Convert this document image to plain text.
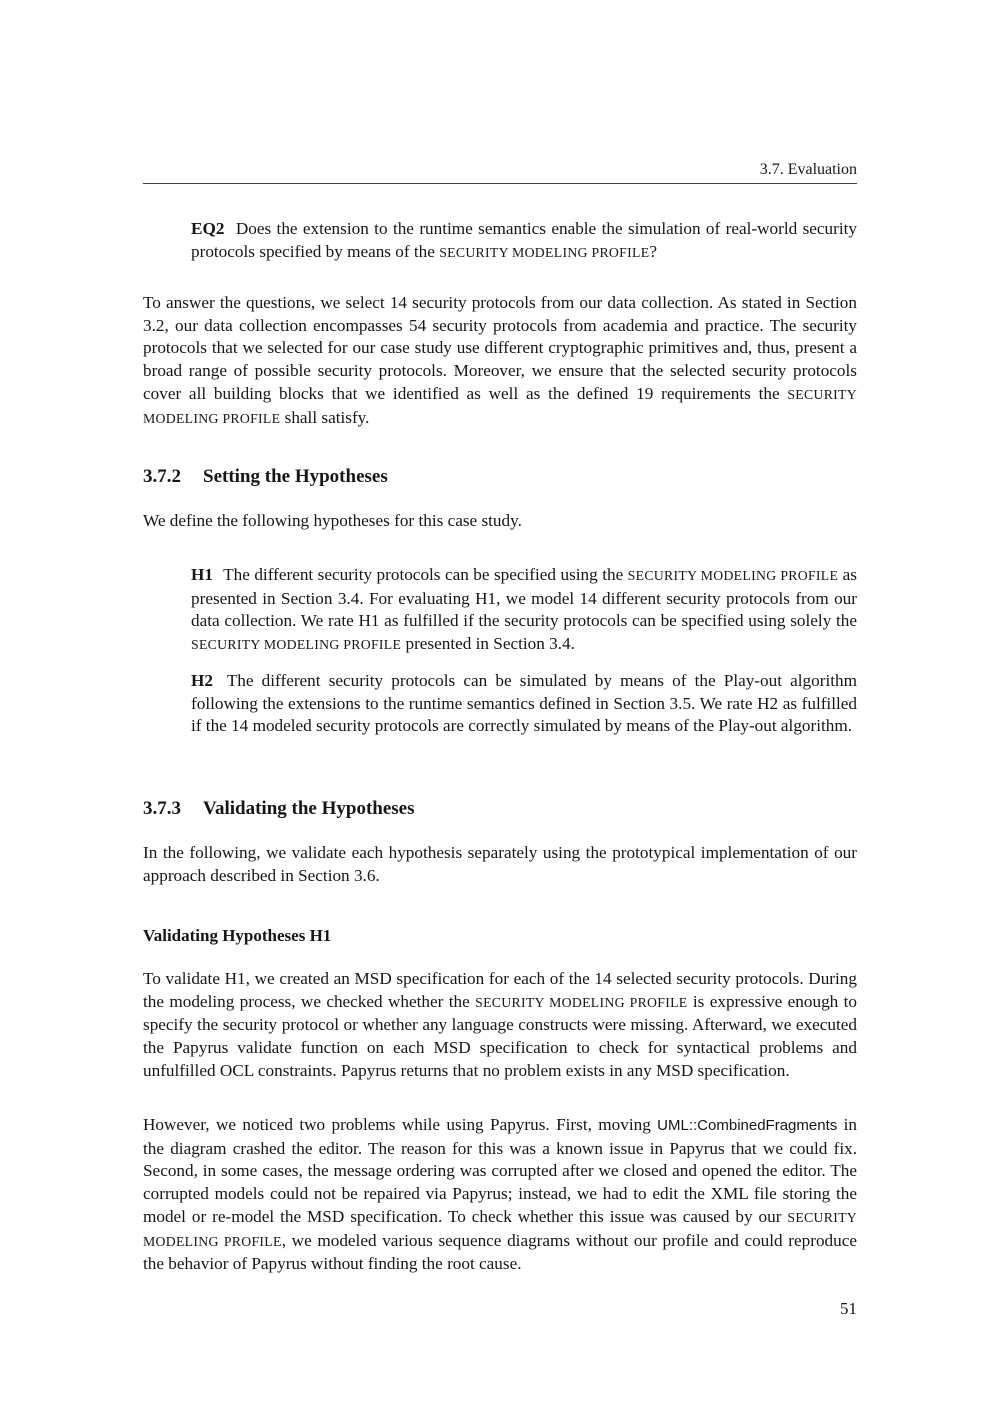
3.7. Evaluation
EQ2 Does the extension to the runtime semantics enable the simulation of real-world security protocols specified by means of the SECURITY MODELING PROFILE?

To answer the questions, we select 14 security protocols from our data collection. As stated in Section 3.2, our data collection encompasses 54 security protocols from academia and practice. The security protocols that we selected for our case study use different cryptographic primitives and, thus, present a broad range of possible security protocols. Moreover, we ensure that the selected security protocols cover all building blocks that we identified as well as the defined 19 requirements the SECURITY MODELING PROFILE shall satisfy.

3.7.2 Setting the Hypotheses

We define the following hypotheses for this case study.

H1 The different security protocols can be specified using the SECURITY MODELING PROFILE as presented in Section 3.4. For evaluating H1, we model 14 different security protocols from our data collection. We rate H1 as fulfilled if the security protocols can be specified using solely the SECURITY MODELING PROFILE presented in Section 3.4.
H2 The different security protocols can be simulated by means of the Play-out algorithm following the extensions to the runtime semantics defined in Section 3.5. We rate H2 as fulfilled if the 14 modeled security protocols are correctly simulated by means of the Play-out algorithm.
3.7.3 Validating the Hypotheses

In the following, we validate each hypothesis separately using the prototypical implementation of our approach described in Section 3.6.

Validating Hypotheses H1

To validate H1, we created an MSD specification for each of the 14 selected security protocols. During the modeling process, we checked whether the SECURITY MODELING PROFILE is expressive enough to specify the security protocol or whether any language constructs were missing. Afterward, we executed the Papyrus validate function on each MSD specification to check for syntactical problems and unfulfilled OCL constraints. Papyrus returns that no problem exists in any MSD specification.

However, we noticed two problems while using Papyrus. First, moving UML::CombinedFragments in the diagram crashed the editor. The reason for this was a known issue in Papyrus that we could fix. Second, in some cases, the message ordering was corrupted after we closed and opened the editor. The corrupted models could not be repaired via Papyrus; instead, we had to edit the XML file storing the model or re-model the MSD specification. To check whether this issue was caused by our SECURITY MODELING PROFILE, we modeled various sequence diagrams without our profile and could reproduce the behavior of Papyrus without finding the root cause.

51
